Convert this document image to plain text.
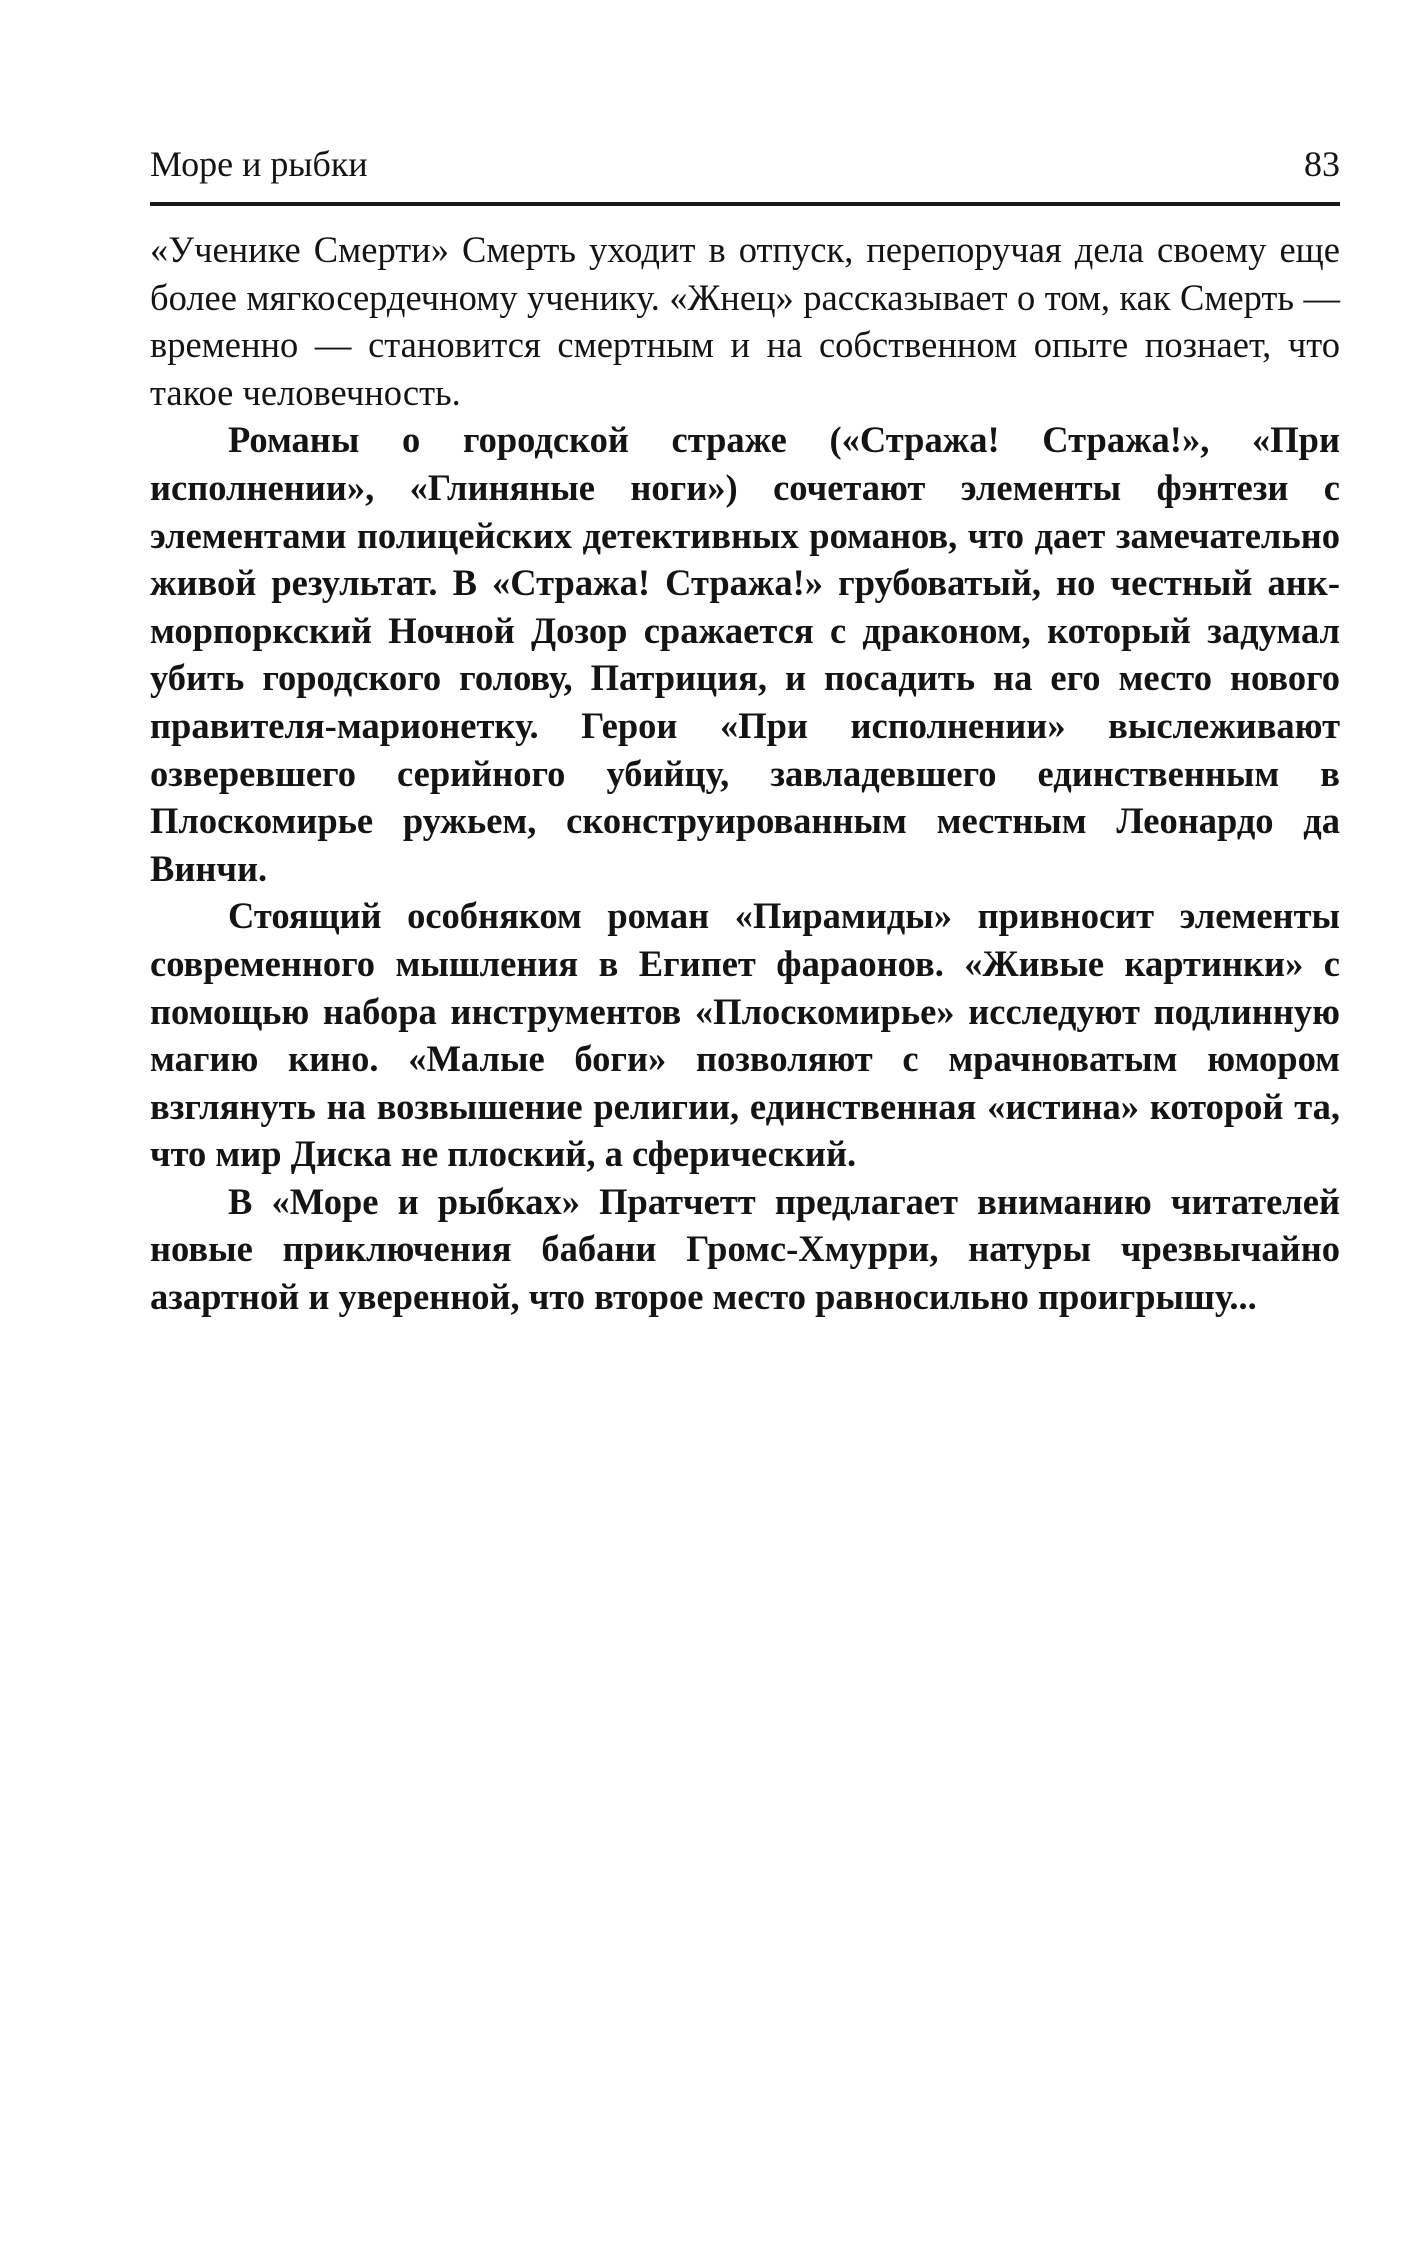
Море и рыбки	83

«Ученике Смерти» Смерть уходит в отпуск, перепоручая дела своему еще более мягкосердечному ученику. «Жнец» рассказывает о том, как Смерть — временно — становится смертным и на собственном опыте познает, что такое человечность.

Романы о городской страже («Стража! Стража!», «При исполнении», «Глиняные ноги») сочетают элементы фэнтези с элементами полицейских детективных романов, что дает замечательно живой результат. В «Стража! Стража!» грубоватый, но честный анк-морпоркский Ночной Дозор сражается с драконом, который задумал убить городского голову, Патриция, и посадить на его место нового правителя-марионетку. Герои «При исполнении» выслеживают озверевшего серийного убийцу, завладевшего единственным в Плоскомирье ружьем, сконструированным местным Леонардо да Винчи.

Стоящий особняком роман «Пирамиды» привносит элементы современного мышления в Египет фараонов. «Живые картинки» с помощью набора инструментов «Плоскомирье» исследуют подлинную магию кино. «Малые боги» позволяют с мрачноватым юмором взглянуть на возвышение религии, единственная «истина» которой та, что мир Диска не плоский, а сферический.

В «Море и рыбках» Пратчетт предлагает вниманию читателей новые приключения бабани Громс-Хмурри, натуры чрезвычайно азартной и уверенной, что второе место равносильно проигрышу...
